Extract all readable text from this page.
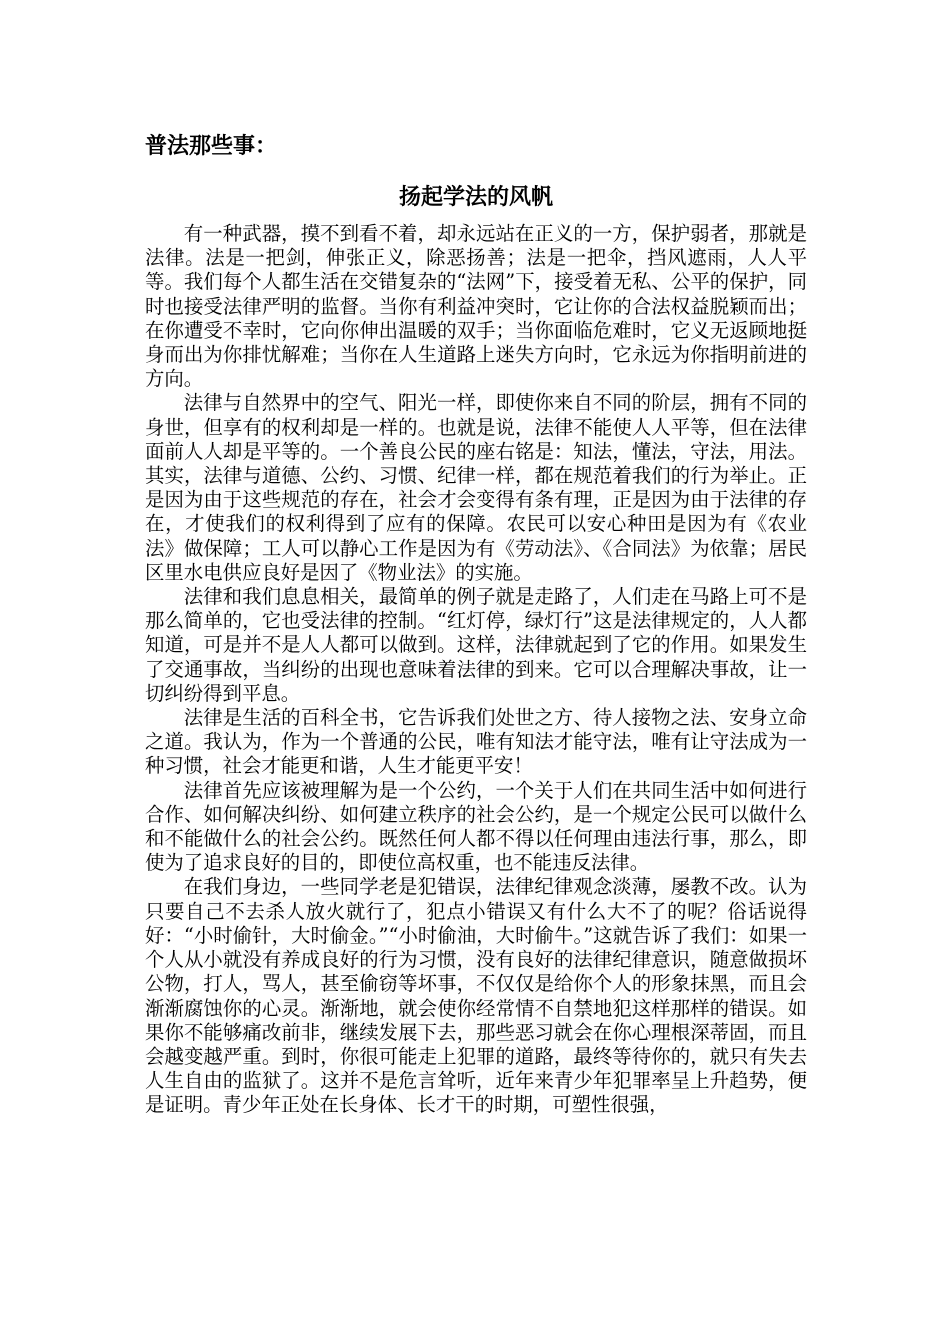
普法那些事：
扬起学法的风帆

有一种武器，摸不到看不着，却永远站在正义的一方，保护弱者，那就是法律。法是一把剑，伸张正义，除恶扬善；法是一把伞，挡风遮雨，人人平等。我们每个人都生活在交错复杂的“法网”下，接受着无私、公平的保护，同时也接受法律严明的监督。当你有利益冲突时，它让你的合法权益脱颖而出；在你遭受不幸时，它向你伸出温暖的双手；当你面临危难时，它义无返顾地挺身而出为你排忧解难；当你在人生道路上迷失方向时，它永远为你指明前进的方向。

法律与自然界中的空气、阳光一样，即使你来自不同的阶层，拥有不同的身世，但享有的权利却是一样的。也就是说，法律不能使人人平等，但在法律面前人人却是平等的。一个善良公民的座右铭是：知法，懂法，守法，用法。其实，法律与道德、公约、习惯、纪律一样，都在规范着我们的行为举止。正是因为由于这些规范的存在，社会才会变得有条有理，正是因为由于法律的存在，才使我们的权利得到了应有的保障。农民可以安心种田是因为有《农业法》做保障；工人可以静心工作是因为有《劳动法》、《合同法》为依靠；居民区里水电供应良好是因了《物业法》的实施。

法律和我们息息相关，最简单的例子就是走路了，人们走在马路上可不是那么简单的，它也受法律的控制。“红灯停，绿灯行”这是法律规定的，人人都知道，可是并不是人人都可以做到。这样，法律就起到了它的作用。如果发生了交通事故，当纠纷的出现也意味着法律的到来。它可以合理解决事故，让一切纠纷得到平息。

法律是生活的百科全书，它告诉我们处世之方、待人接物之法、安身立命之道。我认为，作为一个普通的公民，唯有知法才能守法，唯有让守法成为一种习惯，社会才能更和谐，人生才能更平安！

法律首先应该被理解为是一个公约，一个关于人们在共同生活中如何进行合作、如何解决纠纷、如何建立秩序的社会公约，是一个规定公民可以做什么和不能做什么的社会公约。既然任何人都不得以任何理由违法行事，那么，即使为了追求良好的目的，即使位高权重，也不能违反法律。

在我们身边，一些同学老是犯错误，法律纪律观念淡薄，屡教不改。认为只要自己不去杀人放火就行了，犯点小错误又有什么大不了的呢？俗话说得好：“小时偷针，大时偷金。”“小时偷油，大时偷牛。”这就告诉了我们：如果一个人从小就没有养成良好的行为习惯，没有良好的法律纪律意识，随意做损坏公物，打人，骂人，甚至偷窃等坏事，不仅仅是给你个人的形象抹黑，而且会渐渐腐蚀你的心灵。渐渐地，就会使你经常情不自禁地犯这样那样的错误。如果你不能够痛改前非，继续发展下去，那些恶习就会在你心理根深蒂固，而且会越变越严重。到时，你很可能走上犯罪的道路，最终等待你的，就只有失去人生自由的监狱了。这并不是危言耸听，近年来青少年犯罪率呈上升趋势，便是证明。青少年正处在长身体、长才干的时期，可塑性很强，
